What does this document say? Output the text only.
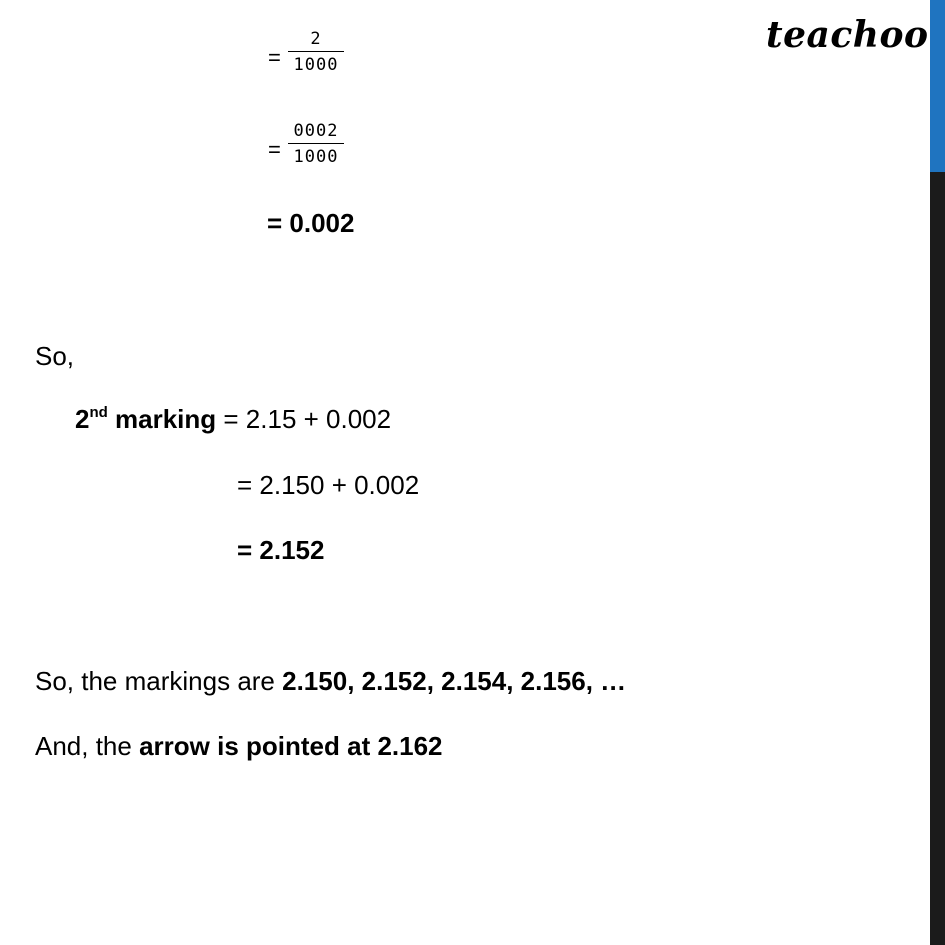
teachoo
=
2
1000
=
0002
1000
= 0.002
So,
2nd marking = 2.15 + 0.002
= 2.150 + 0.002
= 2.152
So, the markings are 2.150, 2.152, 2.154, 2.156, …
And, the arrow is pointed at 2.162
